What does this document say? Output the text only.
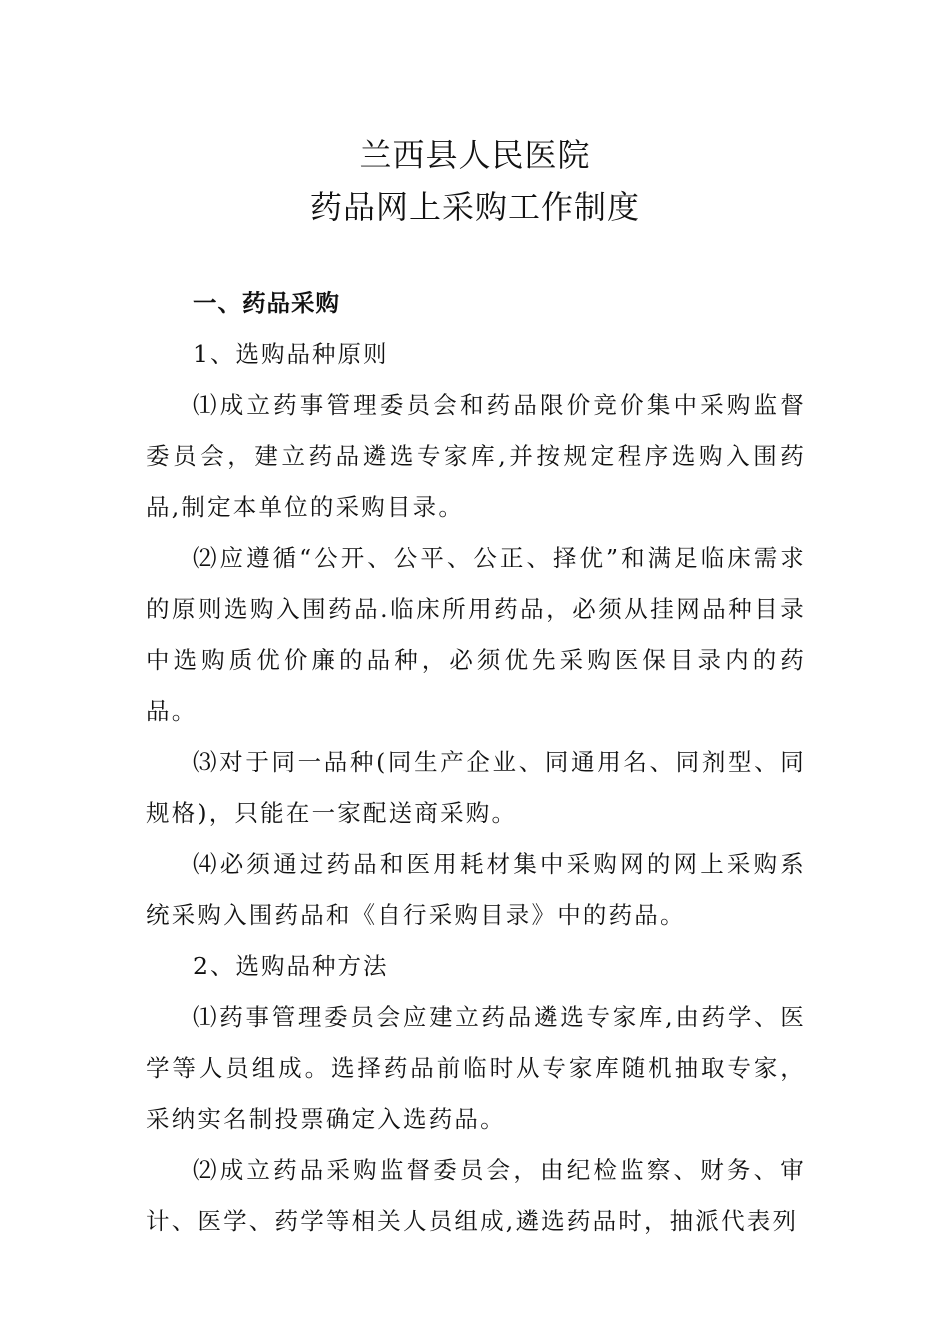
兰西县人民医院
药品网上采购工作制度

一、药品采购

1、选购品种原则

⑴成立药事管理委员会和药品限价竞价集中采购监督委员会，建立药品遴选专家库,并按规定程序选购入围药品,制定本单位的采购目录。

⑵应遵循“公开、公平、公正、择优”和满足临床需求的原则选购入围药品.临床所用药品，必须从挂网品种目录中选购质优价廉的品种，必须优先采购医保目录内的药品。

⑶对于同一品种(同生产企业、同通用名、同剂型、同规格)，只能在一家配送商采购。

⑷必须通过药品和医用耗材集中采购网的网上采购系统采购入围药品和《自行采购目录》中的药品。

2、选购品种方法

⑴药事管理委员会应建立药品遴选专家库,由药学、医学等人员组成。选择药品前临时从专家库随机抽取专家，采纳实名制投票确定入选药品。

⑵成立药品采购监督委员会，由纪检监察、财务、审计、医学、药学等相关人员组成,遴选药品时，抽派代表列
